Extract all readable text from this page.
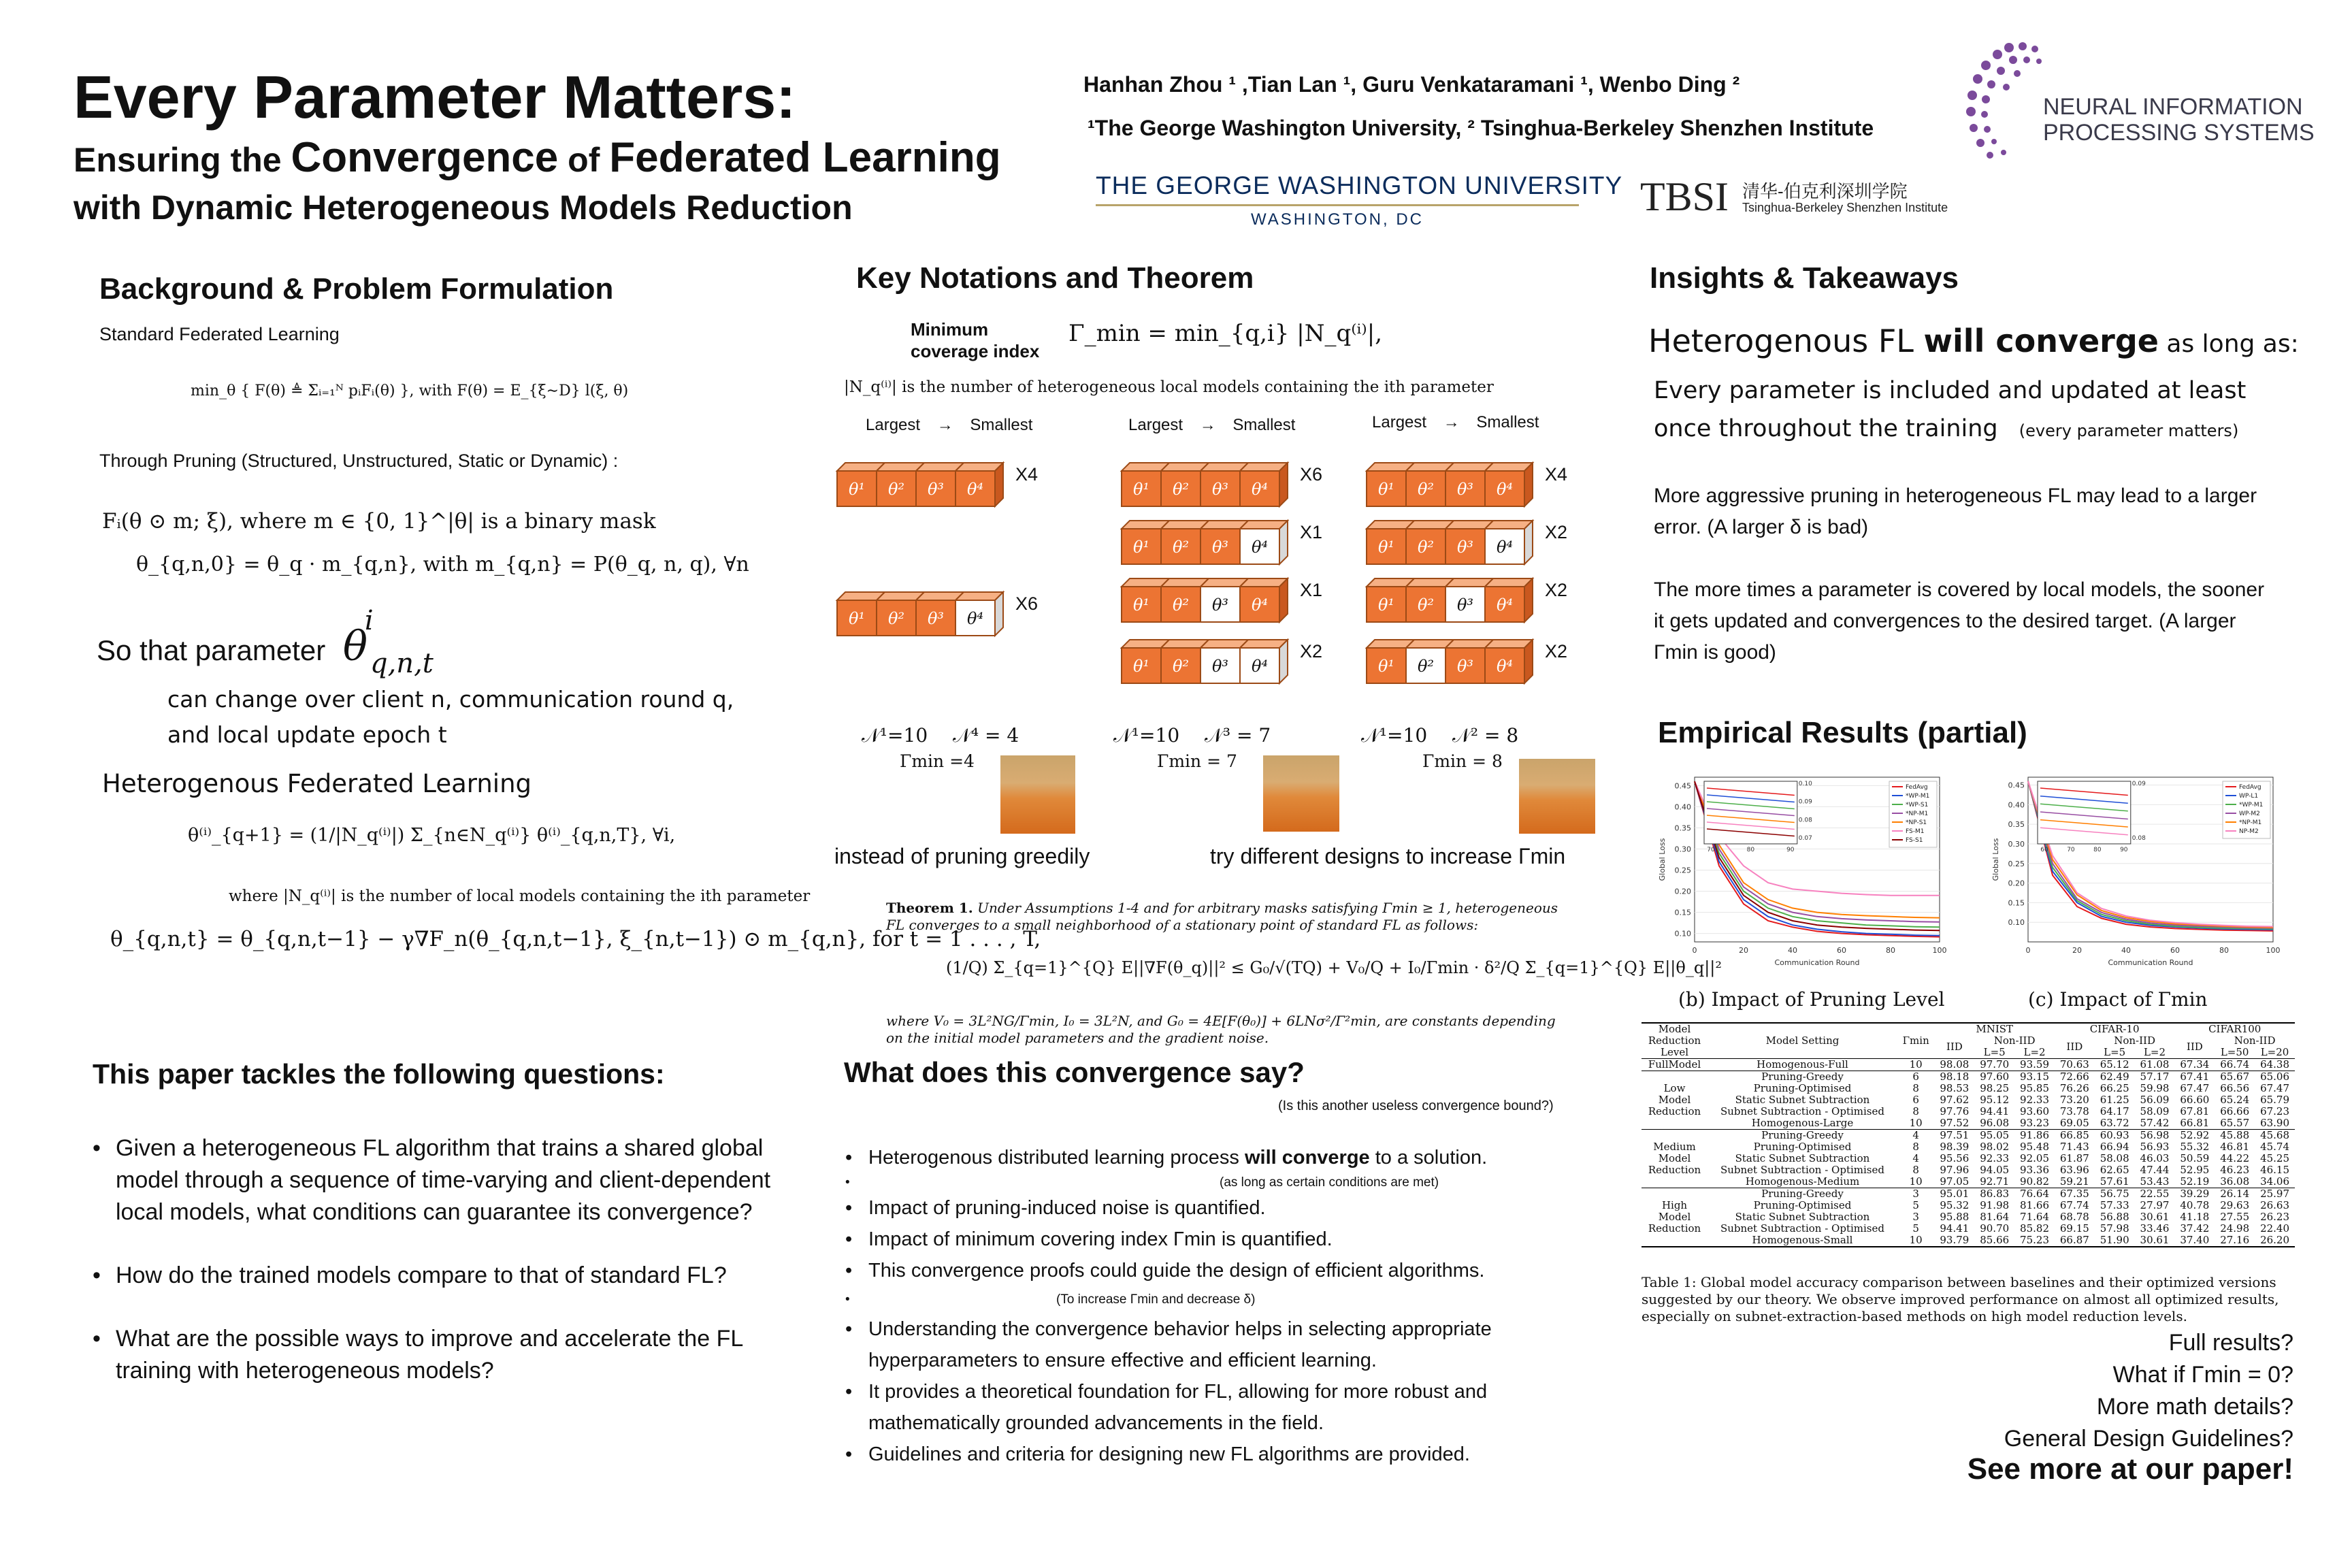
Every Parameter Matters:
Ensuring the Convergence of Federated Learning
with Dynamic Heterogeneous Models Reduction
Hanhan Zhou ¹ ,Tian Lan ¹, Guru Venkataramani ¹, Wenbo Ding ²
¹The George Washington University, ² Tsinghua-Berkeley Shenzhen Institute
THE GEORGE WASHINGTON UNIVERSITY
WASHINGTON, DC
TBSI 清华-伯克利深圳学院
Tsinghua-Berkeley Shenzhen Institute
NEURAL INFORMATION
PROCESSING SYSTEMS
Background & Problem Formulation
Standard Federated Learning
min_θ { F(θ) ≜ Σᵢ₌₁ᴺ pᵢFᵢ(θ) }, with F(θ) = E_{ξ∼D} l(ξ, θ)
Through Pruning (Structured, Unstructured, Static or Dynamic) :
Fᵢ(θ ⊙ m; ξ), where m ∈ {0, 1}^|θ| is a binary mask
θ_{q,n,0} = θ_q · m_{q,n}, with m_{q,n} = P(θ_q, n, q), ∀n
So that parameter θ
i
$_{q,n,t}$
can change over client n, communication round q,
and local update epoch t
Heterogenous Federated Learning
θ⁽ⁱ⁾_{q+1} = (1/|N_q⁽ⁱ⁾|) Σ_{n∈N_q⁽ⁱ⁾} θ⁽ⁱ⁾_{q,n,T}, ∀i,
where |N_q⁽ⁱ⁾| is the number of local models containing the ith parameter
θ_{q,n,t} = θ_{q,n,t−1} − γ∇F_n(θ_{q,n,t−1}, ξ_{n,t−1}) ⊙ m_{q,n}, for t = 1 . . . , T,
This paper tackles the following questions:
• Given a heterogeneous FL algorithm that trains a shared global model through a sequence of time-varying and client-dependent local models, what conditions can guarantee its convergence?
• How do the trained models compare to that of standard FL?
• What are the possible ways to improve and accelerate the FL training with heterogeneous models?
Key Notations and Theorem
Minimum
coverage index
Γ_min = min_{q,i} |N_q⁽ⁱ⁾|,
|N_q⁽ⁱ⁾| is the number of heterogeneous local models containing the ith parameter
Largest → Smallest	Largest → Smallest	Largest → Smallest
θ¹ θ² θ³ θ⁴
X4
θ¹ θ² θ³ θ⁴
X6
θ¹ θ² θ³ θ⁴
X6
θ¹ θ² θ³ θ⁴
X1
θ¹ θ² θ³ θ⁴
X1
θ¹ θ² θ³ θ⁴
X2
θ¹ θ² θ³ θ⁴
X4
θ¹ θ² θ³ θ⁴
X2
θ¹ θ² θ³ θ⁴
X2
θ¹ θ² θ³ θ⁴
X2
𝒩¹=10 𝒩⁴ = 4
Γmin =4
𝒩¹=10 𝒩³ = 7
Γmin = 7
𝒩¹=10 𝒩² = 8
Γmin = 8
instead of pruning greedily	try different designs to increase Γmin
Theorem 1. Under Assumptions 1-4 and for arbitrary masks satisfying Γmin ≥ 1, heterogeneous FL converges to a small neighborhood of a stationary point of standard FL as follows:
(1/Q) Σ_{q=1}^{Q} E||∇F(θ_q)||² ≤ G₀/√(TQ) + V₀/Q + I₀/Γmin · δ²/Q Σ_{q=1}^{Q} E||θ_q||²
where V₀ = 3L²NG/Γmin, I₀ = 3L²N, and G₀ = 4E[F(θ₀)] + 6LNσ²/Γ²min, are constants depending on the initial model parameters and the gradient noise.
What does this convergence say?
(Is this another useless convergence bound?)
• Heterogenous distributed learning process will converge to a solution.
• (as long as certain conditions are met)
• Impact of pruning-induced noise is quantified.
• Impact of minimum covering index Γmin is quantified.
• This convergence proofs could guide the design of efficient algorithms.
• (To increase Γmin and decrease δ)
• Understanding the convergence behavior helps in selecting appropriate hyperparameters to ensure effective and efficient learning.
• It provides a theoretical foundation for FL, allowing for more robust and mathematically grounded advancements in the field.
• Guidelines and criteria for designing new FL algorithms are provided.
Insights & Takeaways
Heterogenous FL will converge as long as:
Every parameter is included and updated at least once throughout the training (every parameter matters)
More aggressive pruning in heterogeneous FL may lead to a larger error. (A larger δ is bad)
The more times a parameter is covered by local models, the sooner it gets updated and convergences to the desired target. (A larger Γmin is good)
Empirical Results (partial)
0.10
0.15
0.20
0.25
0.30
0.35
0.40
0.45
0	20	40	60	80	100
Communication Round
Global Loss	70	80	90
0.07
0.08
0.09
0.10	FedAvg
*WP-M1
*WP-S1
*NP-M1
*NP-S1
FS-M1
FS-S1
0.10
0.15
0.20
0.25
0.30
0.35
0.40
0.45
0	20	40	60	80	100
Communication Round
Global Loss	60	70	80	90
0.08
0.09	FedAvg
WP-L1
*WP-M1
WP-M2
*NP-M1
NP-M2
(b) Impact of Pruning Level	(c) Impact of Γmin
Model
Reduction
Level	Model Setting	Γmin	MNIST			CIFAR-10			CIFAR100		
			IID	Non-IID		IID	Non-IID		IID	Non-IID	
				L=5	L=2		L=5	L=2		L=50	L=20
FullModel	Homogenous-Full	10	98.08	97.70	93.59	70.63	65.12	61.08	67.34	66.74	64.38

Low
Model
Reduction	Pruning-Greedy	6	98.18	97.60	93.15	72.66	62.49	57.17	67.41	65.67	65.06
	Pruning-Optimised	8	98.53	98.25	95.85	76.26	66.25	59.98	67.47	66.56	67.47
	Static Subnet Subtraction	6	97.62	95.12	92.33	73.20	61.25	56.09	66.60	65.24	65.79
	Subnet Subtraction - Optimised	8	97.76	94.41	93.60	73.78	64.17	58.09	67.81	66.66	67.23
	Homogenous-Large	10	97.52	96.08	93.23	69.05	63.72	57.42	66.81	65.57	63.90

Medium
Model
Reduction	Pruning-Greedy	4	97.51	95.05	91.86	66.85	60.93	56.98	52.92	45.88	45.68
	Pruning-Optimised	8	98.39	98.02	95.48	71.43	66.94	56.93	55.32	46.81	45.74
	Static Subnet Subtraction	4	95.56	92.33	92.05	61.87	58.08	46.03	50.59	44.22	45.25
	Subnet Subtraction - Optimised	8	97.96	94.05	93.36	63.96	62.65	47.44	52.95	46.23	46.15
	Homogenous-Medium	10	97.05	92.71	90.82	59.21	57.61	53.43	52.19	36.08	34.06

High
Model
Reduction	Pruning-Greedy	3	95.01	86.83	76.64	67.35	56.75	22.55	39.29	26.14	25.97
	Pruning-Optimised	5	95.32	91.98	81.66	67.74	57.33	27.97	40.78	29.63	26.63
	Static Subnet Subtraction	3	95.88	81.64	71.64	68.78	56.88	30.61	41.18	27.55	26.23
	Subnet Subtraction - Optimised	5	94.41	90.70	85.82	69.15	57.98	33.46	37.42	24.98	22.40
	Homogenous-Small	10	93.79	85.66	75.23	66.87	51.90	30.61	37.40	27.16	26.20
Table 1: Global model accuracy comparison between baselines and their optimized versions suggested by our theory. We observe improved performance on almost all optimized results, especially on subnet-extraction-based methods on high model reduction levels.
Full results?
What if Γmin = 0?
More math details?
General Design Guidelines?
See more at our paper!
